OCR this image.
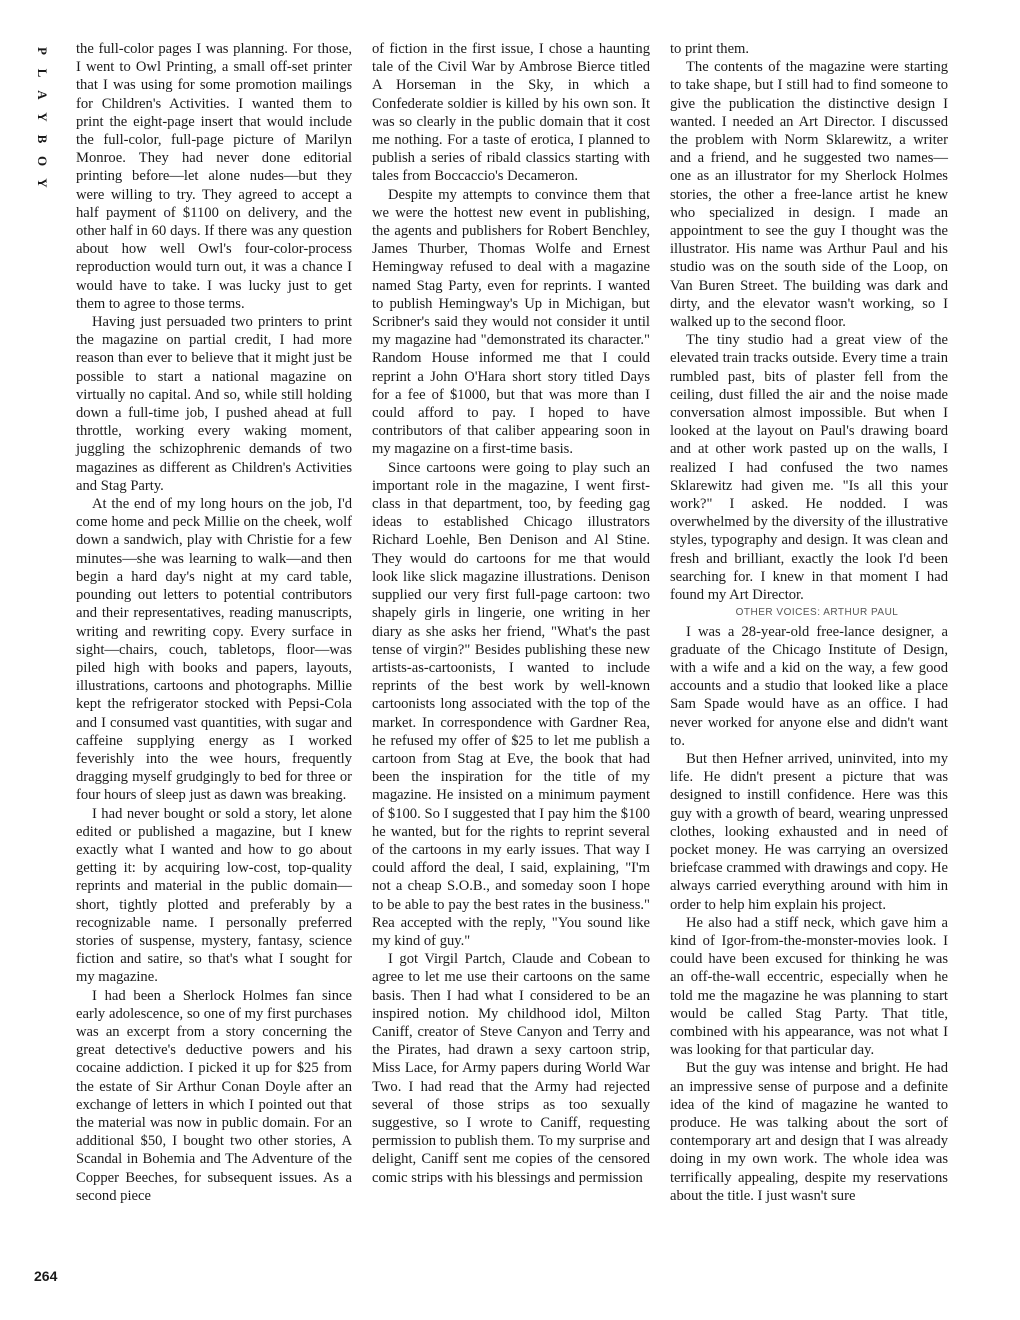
P
L
A
Y
B
O
Y
264

the full-color pages I was planning. For those, I went to Owl Printing, a small off-set printer that I was using for some promotion mailings for Children's Activities. I wanted them to print the eight-page insert that would include the full-color, full-page picture of Marilyn Monroe. They had never done editorial printing before—let alone nudes—but they were willing to try. They agreed to accept a half payment of $1100 on delivery, and the other half in 60 days. If there was any question about how well Owl's four-color-process reproduction would turn out, it was a chance I would have to take. I was lucky just to get them to agree to those terms.

Having just persuaded two printers to print the magazine on partial credit, I had more reason than ever to believe that it might just be possible to start a national magazine on virtually no capital. And so, while still holding down a full-time job, I pushed ahead at full throttle, working every waking moment, juggling the schizophrenic demands of two magazines as different as Children's Activities and Stag Party.

At the end of my long hours on the job, I'd come home and peck Millie on the cheek, wolf down a sandwich, play with Christie for a few minutes—she was learning to walk—and then begin a hard day's night at my card table, pounding out letters to potential contributors and their representatives, reading manuscripts, writing and rewriting copy. Every surface in sight—chairs, couch, tabletops, floor—was piled high with books and papers, layouts, illustrations, cartoons and photographs. Millie kept the refrigerator stocked with Pepsi-Cola and I consumed vast quantities, with sugar and caffeine supplying energy as I worked feverishly into the wee hours, frequently dragging myself grudgingly to bed for three or four hours of sleep just as dawn was breaking.

I had never bought or sold a story, let alone edited or published a magazine, but I knew exactly what I wanted and how to go about getting it: by acquiring low-cost, top-quality reprints and material in the public domain—short, tightly plotted and preferably by a recognizable name. I personally preferred stories of suspense, mystery, fantasy, science fiction and satire, so that's what I sought for my magazine.

I had been a Sherlock Holmes fan since early adolescence, so one of my first purchases was an excerpt from a story concerning the great detective's deductive powers and his cocaine addiction. I picked it up for $25 from the estate of Sir Arthur Conan Doyle after an exchange of letters in which I pointed out that the material was now in public domain. For an additional $50, I bought two other stories, A Scandal in Bohemia and The Adventure of the Copper Beeches, for subsequent issues. As a second piece

of fiction in the first issue, I chose a haunting tale of the Civil War by Ambrose Bierce titled A Horseman in the Sky, in which a Confederate soldier is killed by his own son. It was so clearly in the public domain that it cost me nothing. For a taste of erotica, I planned to publish a series of ribald classics starting with tales from Boccaccio's Decameron.

Despite my attempts to convince them that we were the hottest new event in publishing, the agents and publishers for Robert Benchley, James Thurber, Thomas Wolfe and Ernest Hemingway refused to deal with a magazine named Stag Party, even for reprints. I wanted to publish Hemingway's Up in Michigan, but Scribner's said they would not consider it until my magazine had "demonstrated its character." Random House informed me that I could reprint a John O'Hara short story titled Days for a fee of $1000, but that was more than I could afford to pay. I hoped to have contributors of that caliber appearing soon in my magazine on a first-time basis.

Since cartoons were going to play such an important role in the magazine, I went first-class in that department, too, by feeding gag ideas to established Chicago illustrators Richard Loehle, Ben Denison and Al Stine. They would do cartoons for me that would look like slick magazine illustrations. Denison supplied our very first full-page cartoon: two shapely girls in lingerie, one writing in her diary as she asks her friend, "What's the past tense of virgin?" Besides publishing these new artists-as-cartoonists, I wanted to include reprints of the best work by well-known cartoonists long associated with the top of the market. In correspondence with Gardner Rea, he refused my offer of $25 to let me publish a cartoon from Stag at Eve, the book that had been the inspiration for the title of my magazine. He insisted on a minimum payment of $100. So I suggested that I pay him the $100 he wanted, but for the rights to reprint several of the cartoons in my early issues. That way I could afford the deal, I said, explaining, "I'm not a cheap S.O.B., and someday soon I hope to be able to pay the best rates in the business." Rea accepted with the reply, "You sound like my kind of guy."

I got Virgil Partch, Claude and Cobean to agree to let me use their cartoons on the same basis. Then I had what I considered to be an inspired notion. My childhood idol, Milton Caniff, creator of Steve Canyon and Terry and the Pirates, had drawn a sexy cartoon strip, Miss Lace, for Army papers during World War Two. I had read that the Army had rejected several of those strips as too sexually suggestive, so I wrote to Caniff, requesting permission to publish them. To my surprise and delight, Caniff sent me copies of the censored comic strips with his blessings and permission

to print them.

The contents of the magazine were starting to take shape, but I still had to find someone to give the publication the distinctive design I wanted. I needed an Art Director. I discussed the problem with Norm Sklarewitz, a writer and a friend, and he suggested two names—one as an illustrator for my Sherlock Holmes stories, the other a free-lance artist he knew who specialized in design. I made an appointment to see the guy I thought was the illustrator. His name was Arthur Paul and his studio was on the south side of the Loop, on Van Buren Street. The building was dark and dirty, and the elevator wasn't working, so I walked up to the second floor.

The tiny studio had a great view of the elevated train tracks outside. Every time a train rumbled past, bits of plaster fell from the ceiling, dust filled the air and the noise made conversation almost impossible. But when I looked at the layout on Paul's drawing board and at other work pasted up on the walls, I realized I had confused the two names Sklarewitz had given me. "Is all this your work?" I asked. He nodded. I was overwhelmed by the diversity of the illustrative styles, typography and design. It was clean and fresh and brilliant, exactly the look I'd been searching for. I knew in that moment I had found my Art Director.

OTHER VOICES: ARTHUR PAUL

I was a 28-year-old free-lance designer, a graduate of the Chicago Institute of Design, with a wife and a kid on the way, a few good accounts and a studio that looked like a place Sam Spade would have as an office. I had never worked for anyone else and didn't want to.

But then Hefner arrived, uninvited, into my life. He didn't present a picture that was designed to instill confidence. Here was this guy with a growth of beard, wearing unpressed clothes, looking exhausted and in need of pocket money. He was carrying an oversized briefcase crammed with drawings and copy. He always carried everything around with him in order to help him explain his project.

He also had a stiff neck, which gave him a kind of Igor-from-the-monster-movies look. I could have been excused for thinking he was an off-the-wall eccentric, especially when he told me the magazine he was planning to start would be called Stag Party. That title, combined with his appearance, was not what I was looking for that particular day.

But the guy was intense and bright. He had an impressive sense of purpose and a definite idea of the kind of magazine he wanted to produce. He was talking about the sort of contemporary art and design that I was already doing in my own work. The whole idea was terrifically appealing, despite my reservations about the title. I just wasn't sure
